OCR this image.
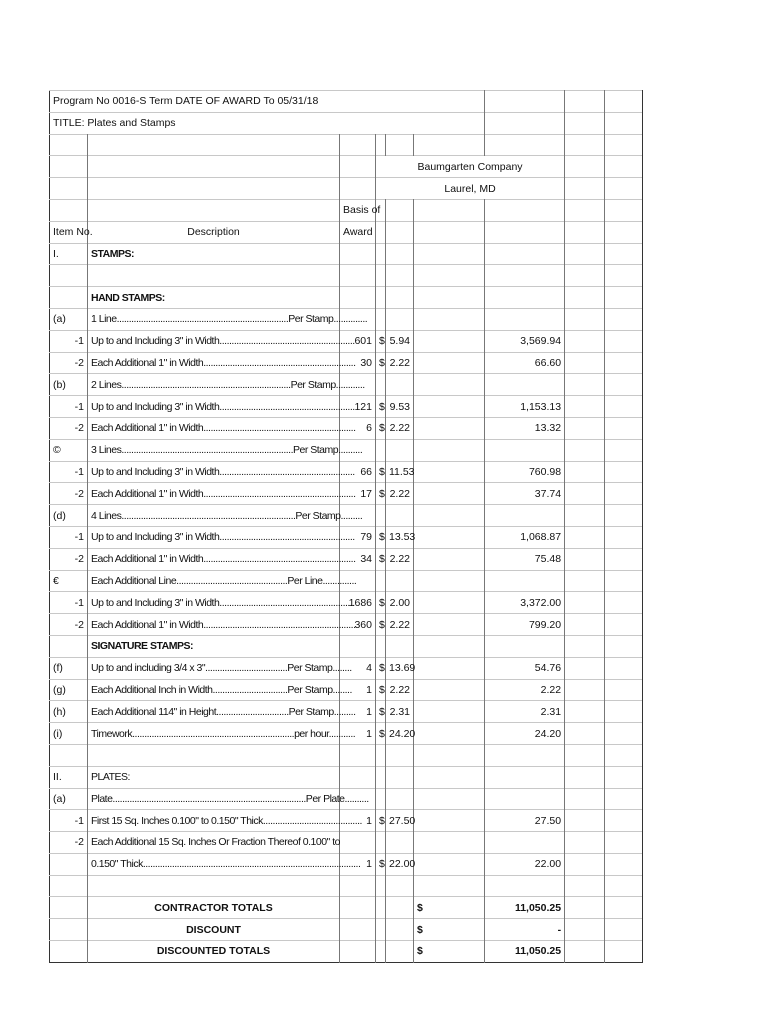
Program No 0016-S Term DATE OF AWARD To 05/31/18								
TITLE: Plates and Stamps								

			Baumgarten Company					
			Laurel, MD					
		Basis of						
Item No.	Description	Award						
I.	STAMPS:							

	HAND STAMPS:							
(a)	1 Line.......................................................................Per Stamp..............							
-1	Up to and Including 3" in Width........................................................	601	$	5.94		3,569.94		
-2	Each Additional 1" in Width...............................................................	30	$	2.22		66.60		
(b)	2 Lines......................................................................Per Stamp............							
-1	Up to and Including 3" in Width........................................................	121	$	9.53		1,153.13		
-2	Each Additional 1" in Width...............................................................	6	$	2.22		13.32		
©	3 Lines.......................................................................Per Stamp..........							
-1	Up to and Including 3" in Width........................................................	66	$	11.53		760.98		
-2	Each Additional 1" in Width...............................................................	17	$	2.22		37.74		
(d)	4 Lines........................................................................Per Stamp.........							
-1	Up to and Including 3" in Width........................................................	79	$	13.53		1,068.87		
-2	Each Additional 1" in Width...............................................................	34	$	2.22		75.48		
€	Each Additional Line..............................................Per Line..............							
-1	Up to and Including 3" in Width........................................................	1686	$	2.00		3,372.00		
-2	Each Additional 1" in Width...............................................................	360	$	2.22		799.20		
	SIGNATURE STAMPS:							
(f)	Up to and including 3/4 x 3"..................................Per Stamp........	4	$	13.69		54.76		
(g)	Each Additional Inch in Width...............................Per Stamp........	1	$	2.22		2.22		
(h)	Each Additional 114" in Height..............................Per Stamp.........	1	$	2.31		2.31		
(i)	Timework...................................................................per hour...........	1	$	24.20		24.20		

II.	PLATES:							
(a)	Plate................................................................................Per Plate..........							
-1	First 15 Sq. Inches 0.100" to 0.150" Thick.........................................	1	$	27.50		27.50		
-2	Each Additional 15 Sq. Inches Or Fraction Thereof 0.100" to							
	0.150" Thick..........................................................................................	1	$	22.00		22.00		

	CONTRACTOR TOTALS				$	11,050.25		
	DISCOUNT				$	-		
	DISCOUNTED TOTALS				$	11,050.25		
